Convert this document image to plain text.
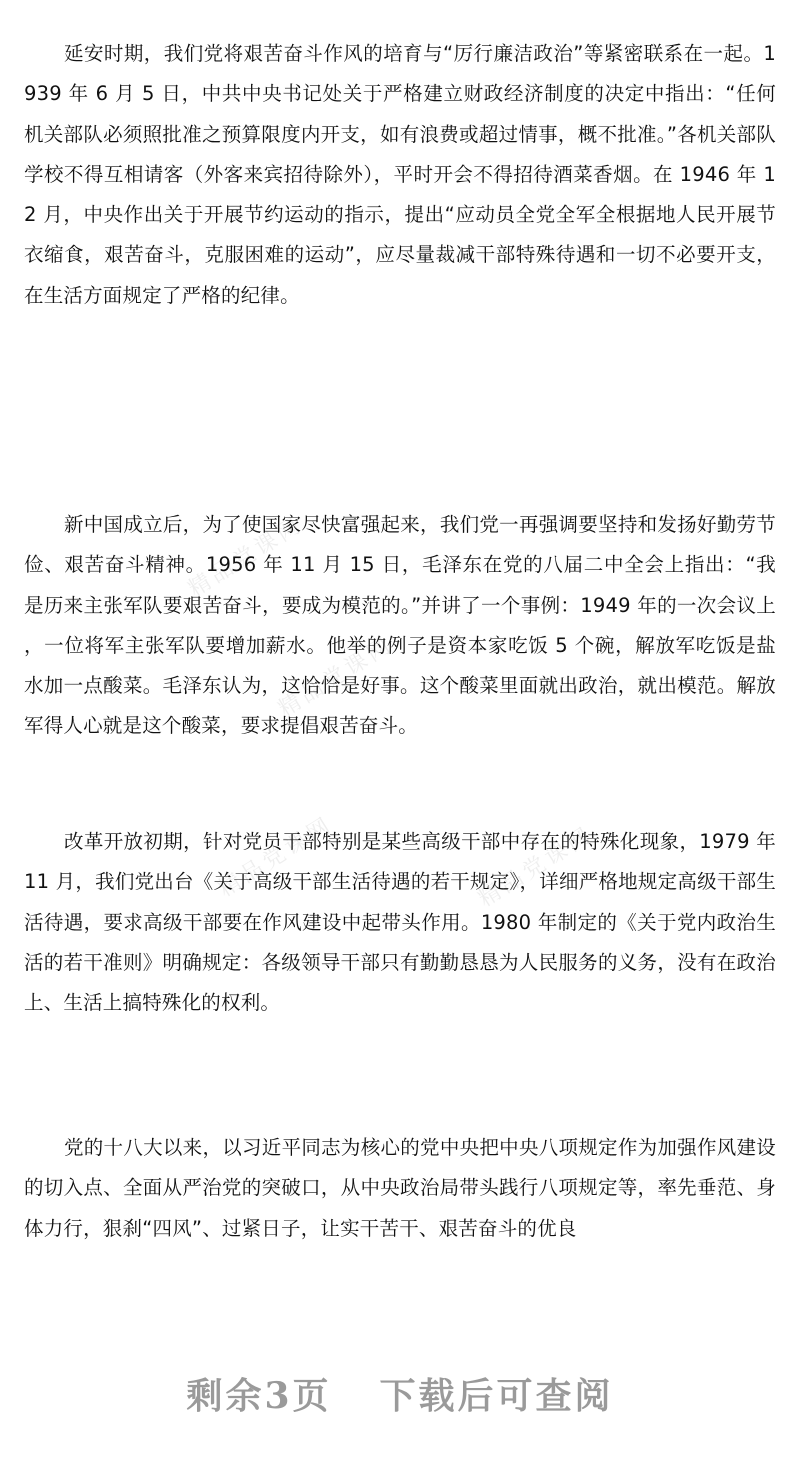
精品党课网
精品党课网
精品党课网	精品党课网

延安时期，我们党将艰苦奋斗作风的培育与“厉行廉洁政治”等紧密联系在一起。1939 年 6 月 5 日，中共中央书记处关于严格建立财政经济制度的决定中指出：“任何机关部队必须照批准之预算限度内开支，如有浪费或超过情事，概不批准。”各机关部队学校不得互相请客（外客来宾招待除外），平时开会不得招待酒菜香烟。在 1946 年 12 月，中央作出关于开展节约运动的指示，提出“应动员全党全军全根据地人民开展节衣缩食，艰苦奋斗，克服困难的运动”，应尽量裁减干部特殊待遇和一切不必要开支，在生活方面规定了严格的纪律。

新中国成立后，为了使国家尽快富强起来，我们党一再强调要坚持和发扬好勤劳节俭、艰苦奋斗精神。1956 年 11 月 15 日，毛泽东在党的八届二中全会上指出：“我是历来主张军队要艰苦奋斗，要成为模范的。”并讲了一个事例：1949 年的一次会议上，一位将军主张军队要增加薪水。他举的例子是资本家吃饭 5 个碗，解放军吃饭是盐水加一点酸菜。毛泽东认为，这恰恰是好事。这个酸菜里面就出政治，就出模范。解放军得人心就是这个酸菜，要求提倡艰苦奋斗。

改革开放初期，针对党员干部特别是某些高级干部中存在的特殊化现象，1979 年 11 月，我们党出台《关于高级干部生活待遇的若干规定》，详细严格地规定高级干部生活待遇，要求高级干部要在作风建设中起带头作用。1980 年制定的《关于党内政治生活的若干准则》明确规定：各级领导干部只有勤勤恳恳为人民服务的义务，没有在政治上、生活上搞特殊化的权利。

党的十八大以来，以习近平同志为核心的党中央把中央八项规定作为加强作风建设的切入点、全面从严治党的突破口，从中央政治局带头践行八项规定等，率先垂范、身体力行，狠刹“四风”、过紧日子，让实干苦干、艰苦奋斗的优良

剩余3页 下载后可查阅
